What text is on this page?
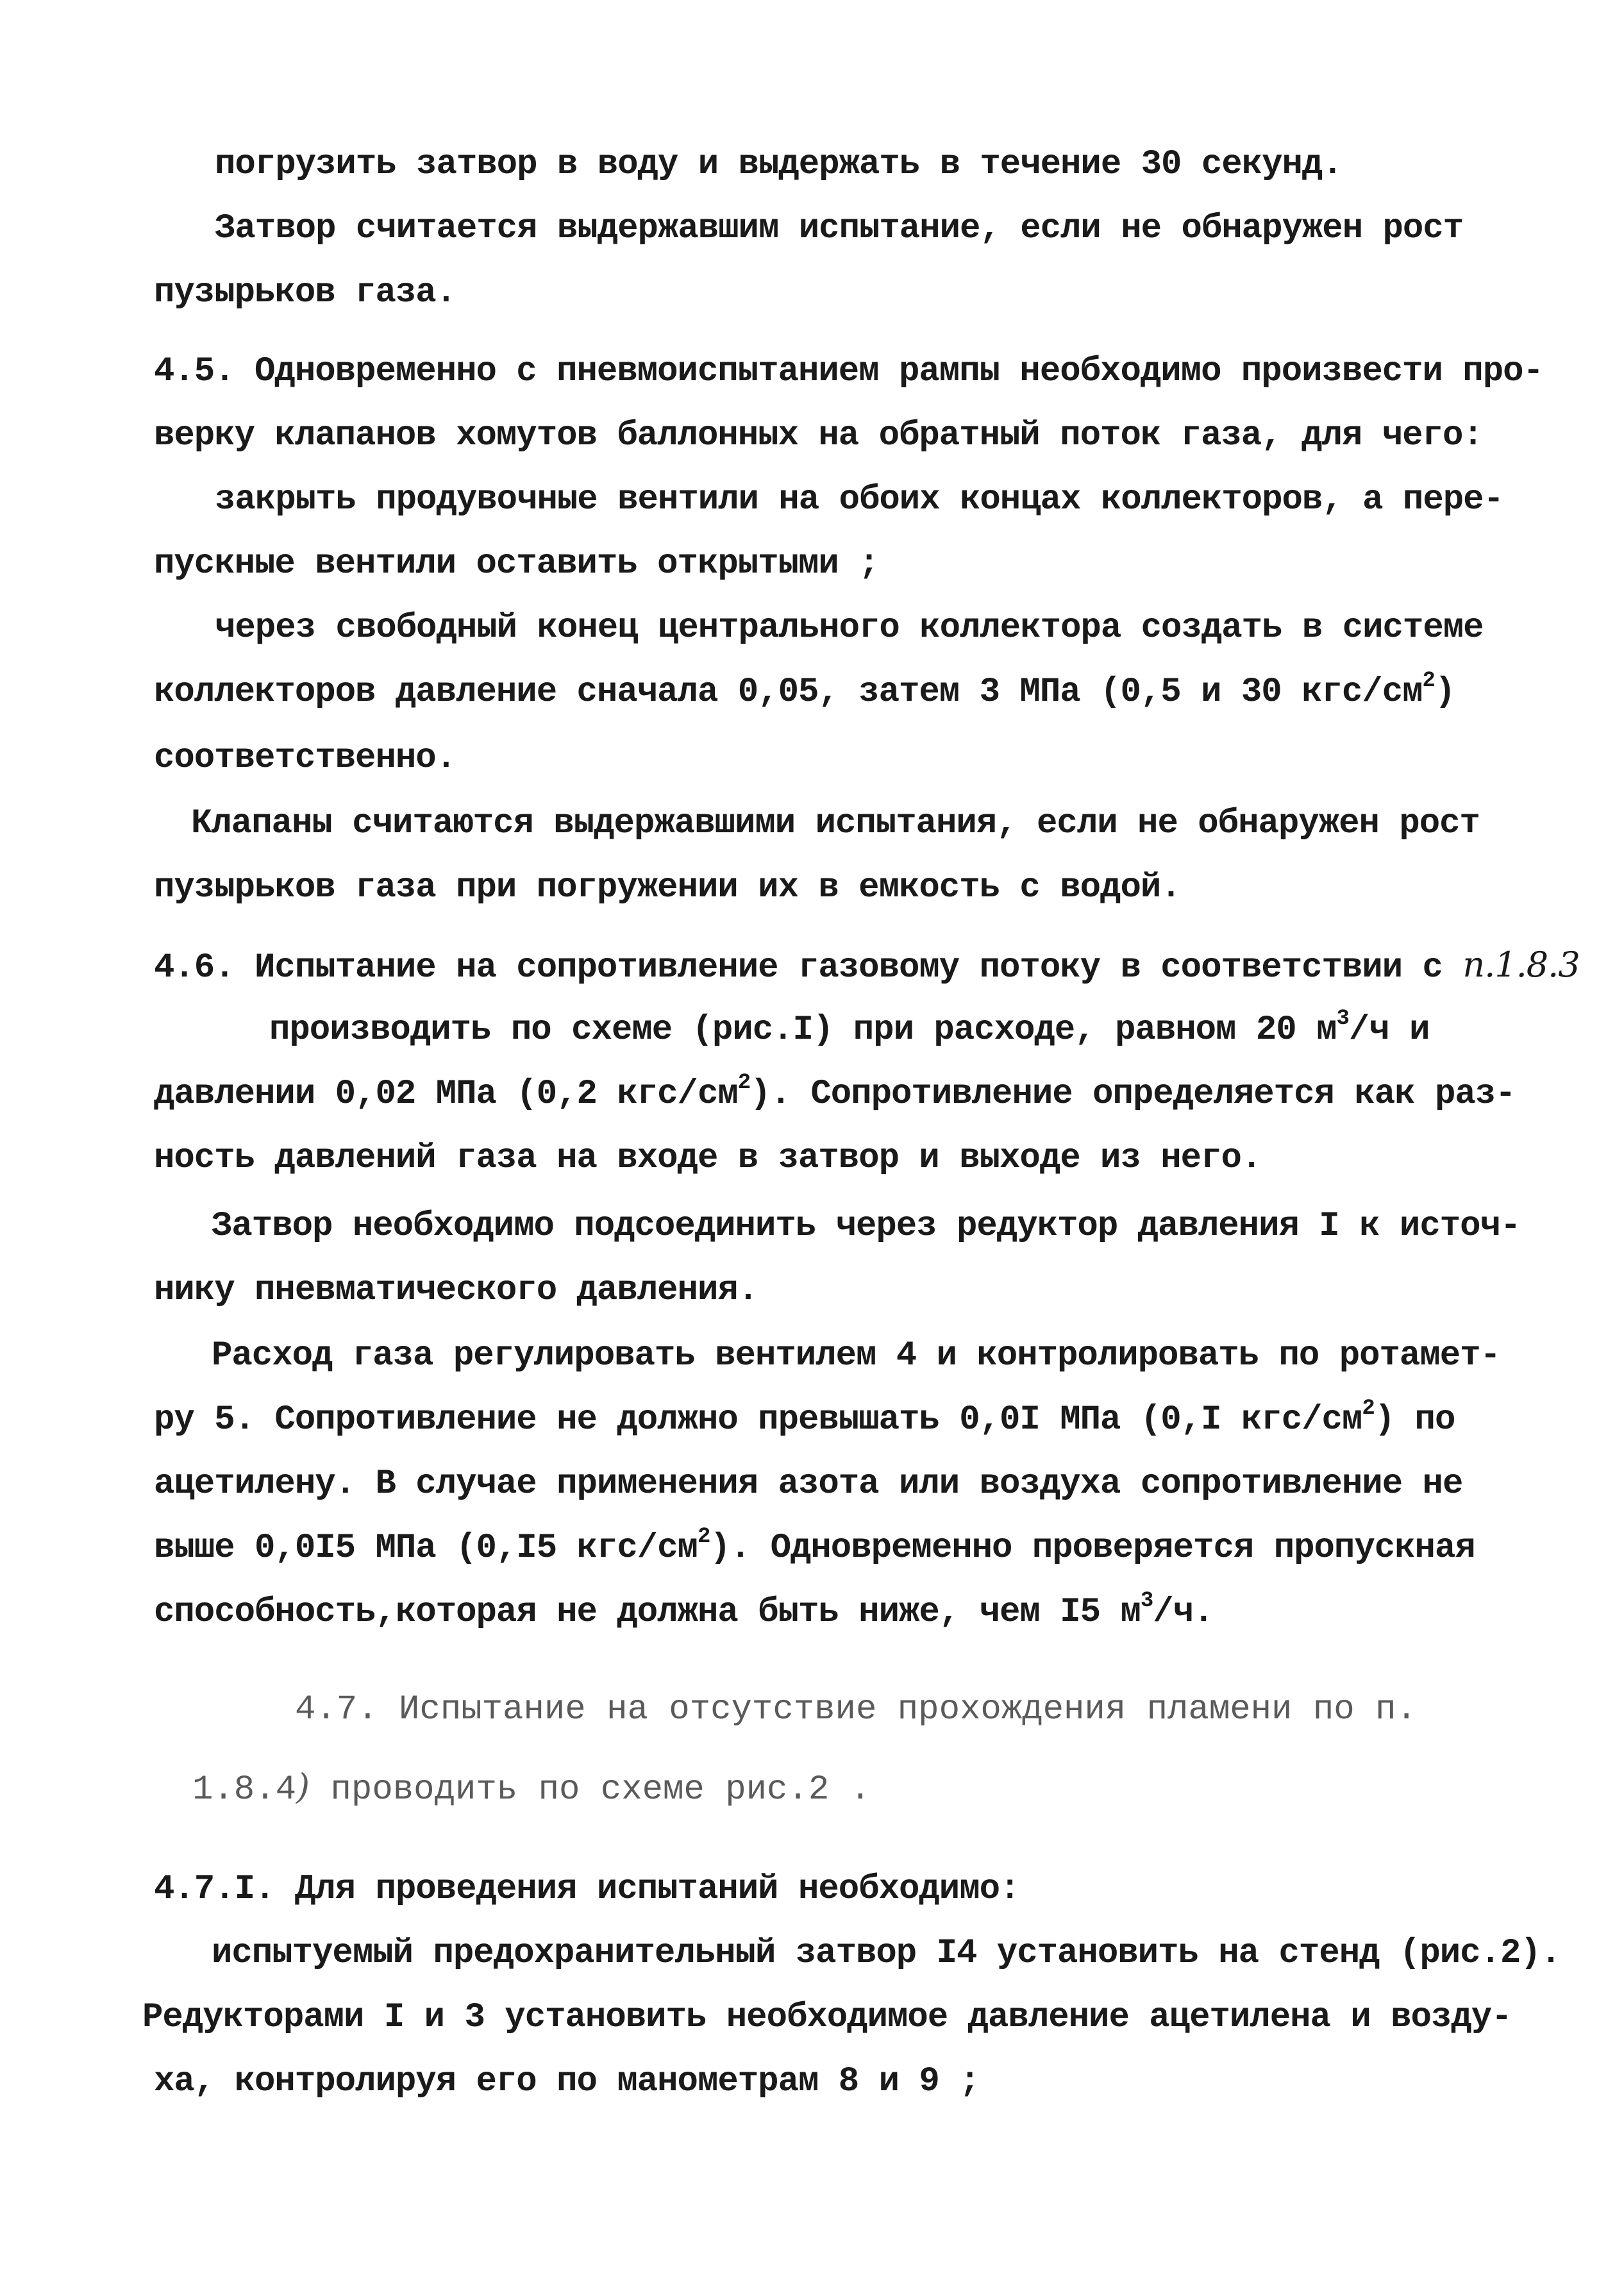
погрузить затвор в воду и выдержать в течение 30 секунд.
Затвор считается выдержавшим испытание, если не обнаружен рост
пузырьков газа.
4.5. Одновременно с пневмоиспытанием рампы необходимо произвести про-
верку клапанов хомутов баллонных на обратный поток газа, для чего:
закрыть продувочные вентили на обоих концах коллекторов, а пере-
пускные вентили оставить открытыми ;
через свободный конец центрального коллектора создать в системе
коллекторов давление сначала 0,05, затем 3 МПа (0,5 и 30 кгс/$см^2$)
соответственно.
Клапаны считаются выдержавшими испытания, если не обнаружен рост
пузырьков газа при погружении их в емкость с водой.
4.6. Испытание на сопротивление газовому потоку в соответствии с п.1.8.3
производить по схеме (рис.I) при расходе, равном 20 $м^3/ч$ и
давлении 0,02 МПа (0,2 кгс/$см^2$). Сопротивление определяется как раз-
ность давлений газа на входе в затвор и выходе из него.
Затвор необходимо подсоединить через редуктор давления I к источ-
нику пневматического давления.
Расход газа регулировать вентилем 4 и контролировать по ротамет-
ру 5. Сопротивление не должно превышать 0,0I МПа (0,I кгс/$см^2$) по
ацетилену. В случае применения азота или воздуха сопротивление не
выше 0,0I5 МПа (0,I5 кгс/$см^2$). Одновременно проверяется пропускная
способность,которая не должна быть ниже, чем I5 $м^3/ч$.
4.7. Испытание на отсутствие прохождения пламени по п.
1.8.4) проводить по схеме рис.2 .
4.7.I. Для проведения испытаний необходимо:
испытуемый предохранительный затвор I4 установить на стенд (рис.2).
Редукторами I и 3 установить необходимое давление ацетилена и возду-
ха, контролируя его по манометрам 8 и 9 ;
